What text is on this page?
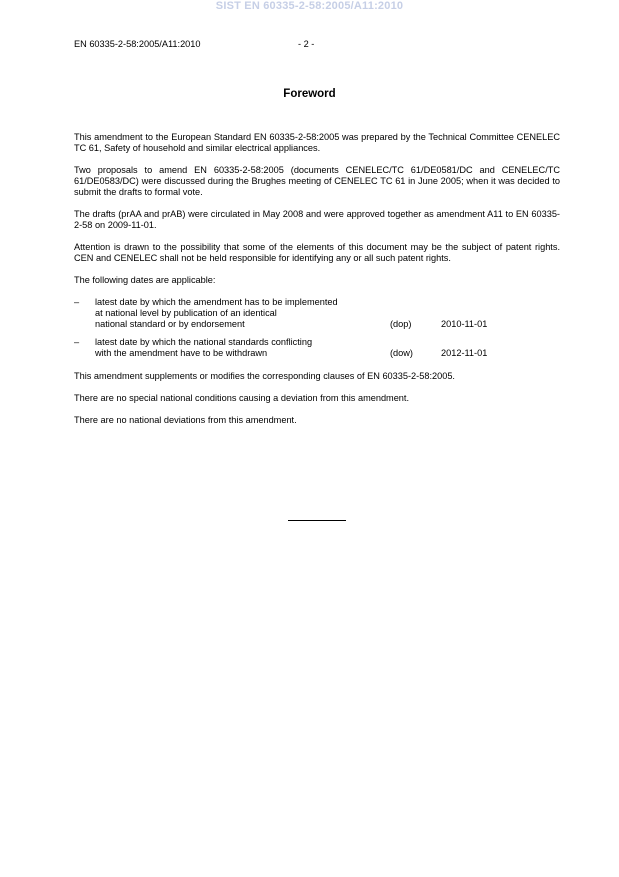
SIST EN 60335-2-58:2005/A11:2010
EN 60335-2-58:2005/A11:2010	- 2 -
Foreword

This amendment to the European Standard EN 60335-2-58:2005 was prepared by the Technical Committee CENELEC TC 61, Safety of household and similar electrical appliances.

Two proposals to amend EN 60335-2-58:2005 (documents CENELEC/TC 61/DE0581/DC and CENELEC/TC 61/DE0583/DC) were discussed during the Brughes meeting of CENELEC TC 61 in June 2005; when it was decided to submit the drafts to formal vote.

The drafts (prAA and prAB) were circulated in May 2008 and were approved together as amendment A11 to EN 60335-2-58 on 2009-11-01.

Attention is drawn to the possibility that some of the elements of this document may be the subject of patent rights. CEN and CENELEC shall not be held responsible for identifying any or all such patent rights.

The following dates are applicable:

–	latest date by which the amendment has to be implemented
at national level by publication of an identical
national standard or by endorsement	(dop)	2010-11-01
–	latest date by which the national standards conflicting
with the amendment have to be withdrawn	(dow)	2012-11-01

This amendment supplements or modifies the corresponding clauses of EN 60335-2-58:2005.

There are no special national conditions causing a deviation from this amendment.

There are no national deviations from this amendment.
